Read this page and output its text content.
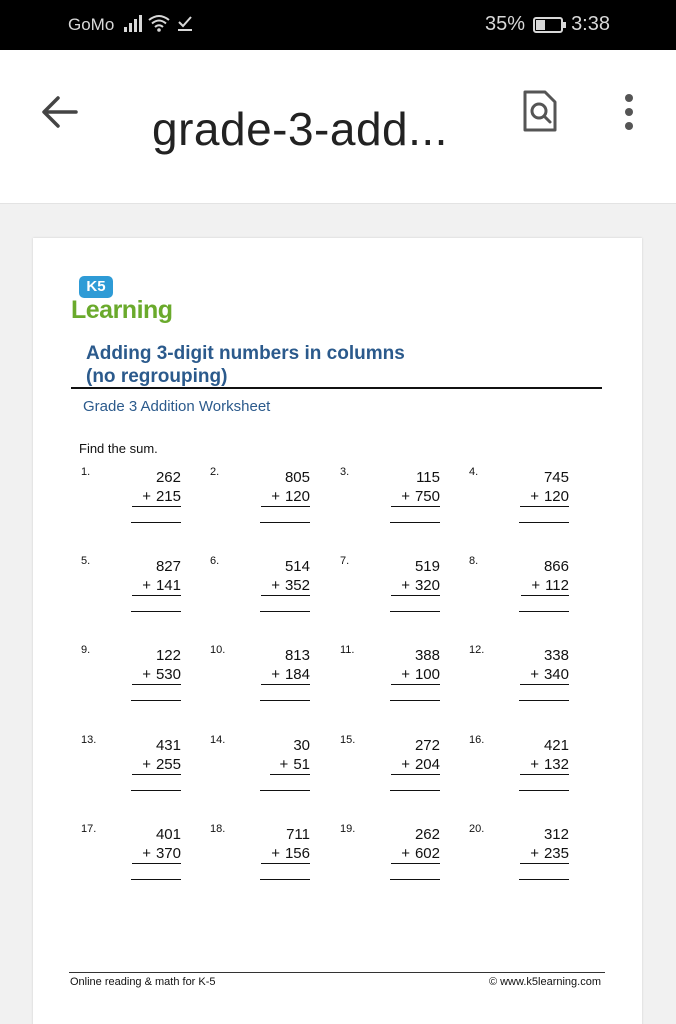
GoMo	35% 3:38
grade-3-add...
K5
Learning
Adding 3-digit numbers in columns
(no regrouping)
Grade 3 Addition Worksheet
Find the sum.
1.	262
+ 215
2.	805
+ 120
3.	115
+ 750
4.	745
+ 120
5.	827
+ 141
6.	514
+ 352
7.	519
+ 320
8.	866
+ 112
9.	122
+ 530
10.	813
+ 184
11.	388
+ 100
12.	338
+ 340
13.	431
+ 255
14.	30
+ 51
15.	272
+ 204
16.	421
+ 132
17.	401
+ 370
18.	711
+ 156
19.	262
+ 602
20.	312
+ 235
Online reading & math for K-5	© www.k5learning.com
